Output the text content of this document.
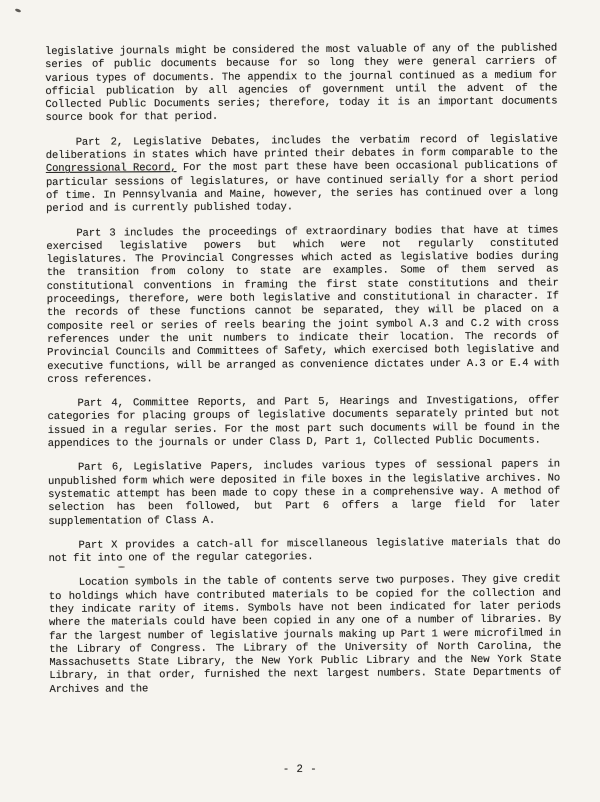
legislative journals might be considered the most valuable of any of the published series of public documents because for so long they were general carriers of various types of documents. The appendix to the journal continued as a medium for official publication by all agencies of government until the advent of the Collected Public Documents series; therefore, today it is an important documents source book for that period.

Part 2, Legislative Debates, includes the verbatim record of legislative deliberations in states which have printed their debates in form comparable to the Congressional Record, For the most part these have been occasional publications of particular sessions of legislatures, or have continued serially for a short period of time. In Pennsylvania and Maine, however, the series has continued over a long period and is currently published today.

Part 3 includes the proceedings of extraordinary bodies that have at times exercised legislative powers but which were not regularly constituted legislatures. The Provincial Congresses which acted as legislative bodies during the transition from colony to state are examples. Some of them served as constitutional conventions in framing the first state constitutions and their proceedings, therefore, were both legislative and constitutional in character. If the records of these functions cannot be separated, they will be placed on a composite reel or series of reels bearing the joint symbol A.3 and C.2 with cross references under the unit numbers to indicate their location. The records of Provincial Councils and Committees of Safety, which exercised both legislative and executive functions, will be arranged as convenience dictates under A.3 or E.4 with cross references.

Part 4, Committee Reports, and Part 5, Hearings and Investigations, offer categories for placing groups of legislative documents separately printed but not issued in a regular series. For the most part such documents will be found in the appendices to the journals or under Class D, Part 1, Collected Public Documents.

Part 6, Legislative Papers, includes various types of sessional papers in unpublished form which were deposited in file boxes in the legislative archives. No systematic attempt has been made to copy these in a comprehensive way. A method of selection has been followed, but Part 6 offers a large field for later supplementation of Class A.

Part X provides a catch-all for miscellaneous legislative materials that do not fit into one of the regular categories.

Location symbols in the table of contents serve two purposes. They give credit to holdings which have contributed materials to be copied for the collection and they indicate rarity of items. Symbols have not been indicated for later periods where the materials could have been copied in any one of a number of libraries. By far the largest number of legislative journals making up Part 1 were microfilmed in the Library of Congress. The Library of the University of North Carolina, the Massachusetts State Library, the New York Public Library and the New York State Library, in that order, furnished the next largest numbers. State Departments of Archives and the

- 2 -
